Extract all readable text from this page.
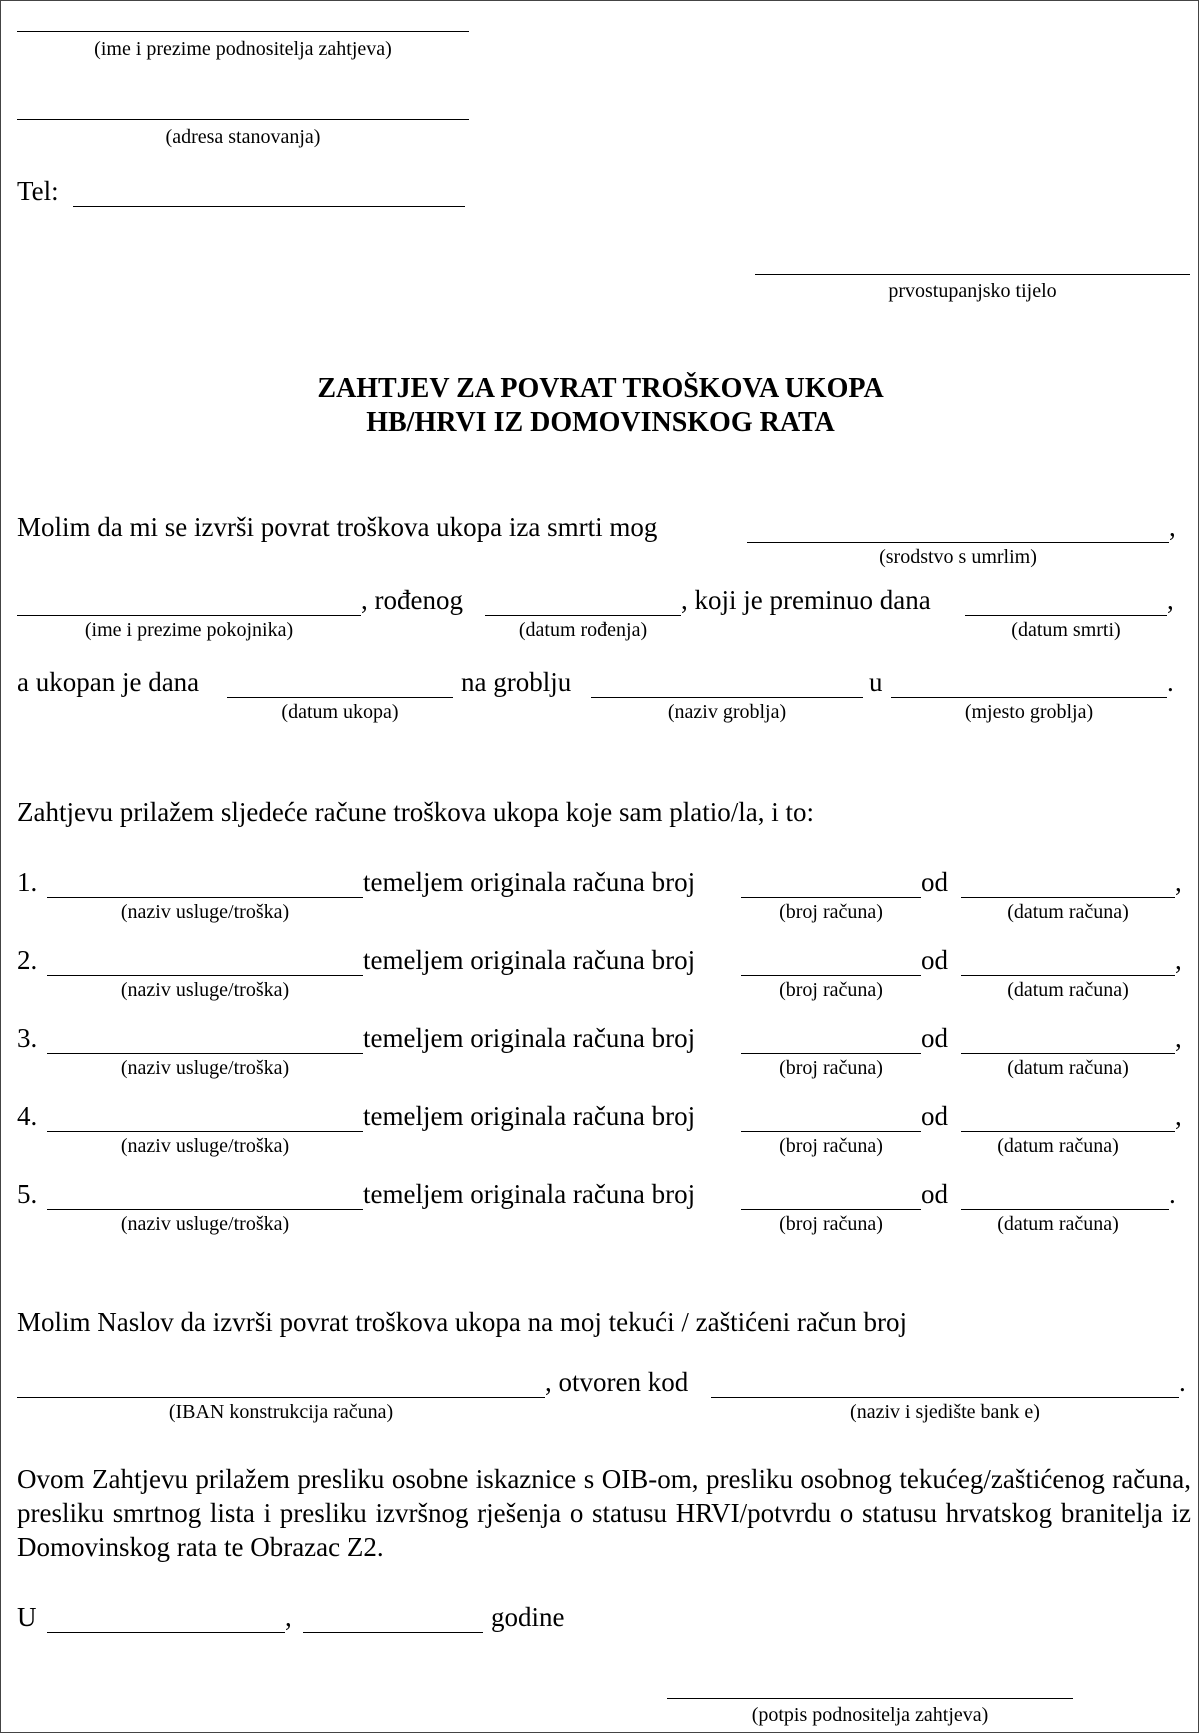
(ime i prezime podnositelja zahtjeva)
(adresa stanovanja)
Tel:
prvostupanjsko tijelo
ZAHTJEV ZA POVRAT TROŠKOVA UKOPA
HB/HRVI IZ DOMOVINSKOG RATA
Molim da mi se izvrši povrat troškova ukopa iza smrti mog	,
(srodstvo s umrlim)
, rođenog	, koji je preminuo dana	,
(ime i prezime pokojnika)	(datum rođenja)	(datum smrti)
a ukopan je dana	na groblju	u	.
(datum ukopa)	(naziv groblja)	(mjesto groblja)
Zahtjevu prilažem sljedeće račune troškova ukopa koje sam platio/la, i to:
1.	temeljem originala računa broj	od	,
(naziv usluge/troška)	(broj računa)	(datum računa)
2.	temeljem originala računa broj	od	,
(naziv usluge/troška)	(broj računa)	(datum računa)
3.	temeljem originala računa broj	od	,
(naziv usluge/troška)	(broj računa)	(datum računa)
4.	temeljem originala računa broj	od	,
(naziv usluge/troška)	(broj računa)	(datum računa)
5.	temeljem originala računa broj	od	.
(naziv usluge/troška)	(broj računa)	(datum računa)
Molim Naslov da izvrši povrat troškova ukopa na moj tekući / zaštićeni račun broj
, otvoren kod	.
(IBAN konstrukcija računa)	(naziv i sjedište bank e)
Ovom Zahtjevu prilažem presliku osobne iskaznice s OIB-om, presliku osobnog tekućeg/zaštićenog računa, presliku smrtnog lista i presliku izvršnog rješenja o statusu HRVI/potvrdu o statusu hrvatskog branitelja iz Domovinskog rata te Obrazac Z2.
U	,	godine
(potpis podnositelja zahtjeva)
